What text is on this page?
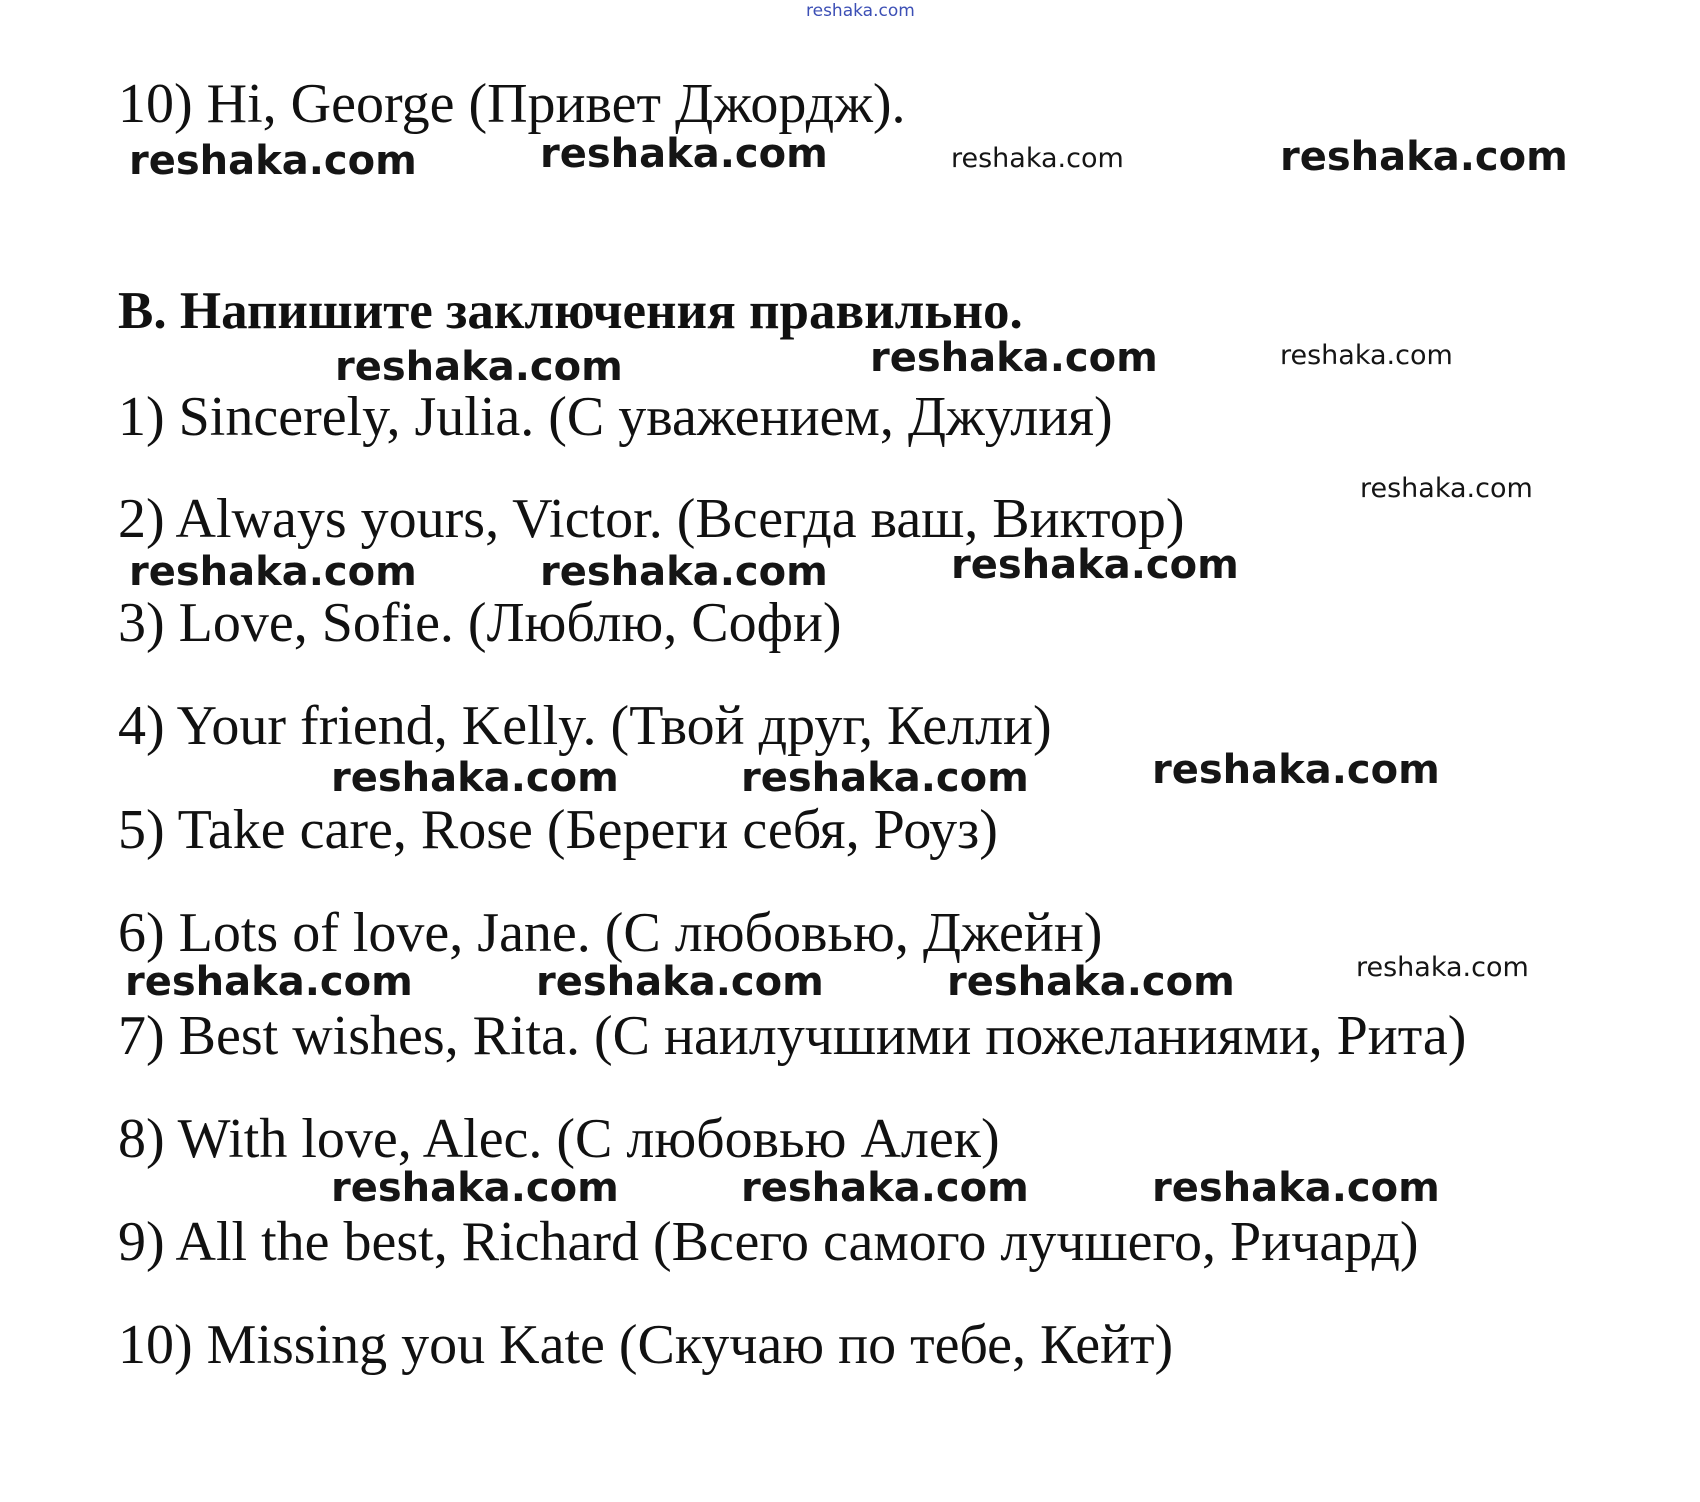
reshaka.com

10) Hi, George (Привет Джордж).

reshaka.com	reshaka.com	reshaka.com	reshaka.com

B. Напишите заключения правильно.

reshaka.com	reshaka.com	reshaka.com

1) Sincerely, Julia. (С уважением, Джулия)

reshaka.com

2) Always yours, Victor. (Всегда ваш, Виктор)

reshaka.com	reshaka.com	reshaka.com

3) Love, Sofie. (Люблю, Софи)

4) Your friend, Kelly. (Твой друг, Келли)

reshaka.com	reshaka.com	reshaka.com

5) Take care, Rose (Береги себя, Роуз)

6) Lots of love, Jane. (С любовью, Джейн)

reshaka.com	reshaka.com	reshaka.com	reshaka.com

7) Best wishes, Rita. (С наилучшими пожеланиями, Рита)

8) With love, Alec. (С любовью Алек)

reshaka.com	reshaka.com	reshaka.com

9) All the best, Richard (Всего самого лучшего, Ричард)

10) Missing you Kate (Скучаю по тебе, Кейт)
